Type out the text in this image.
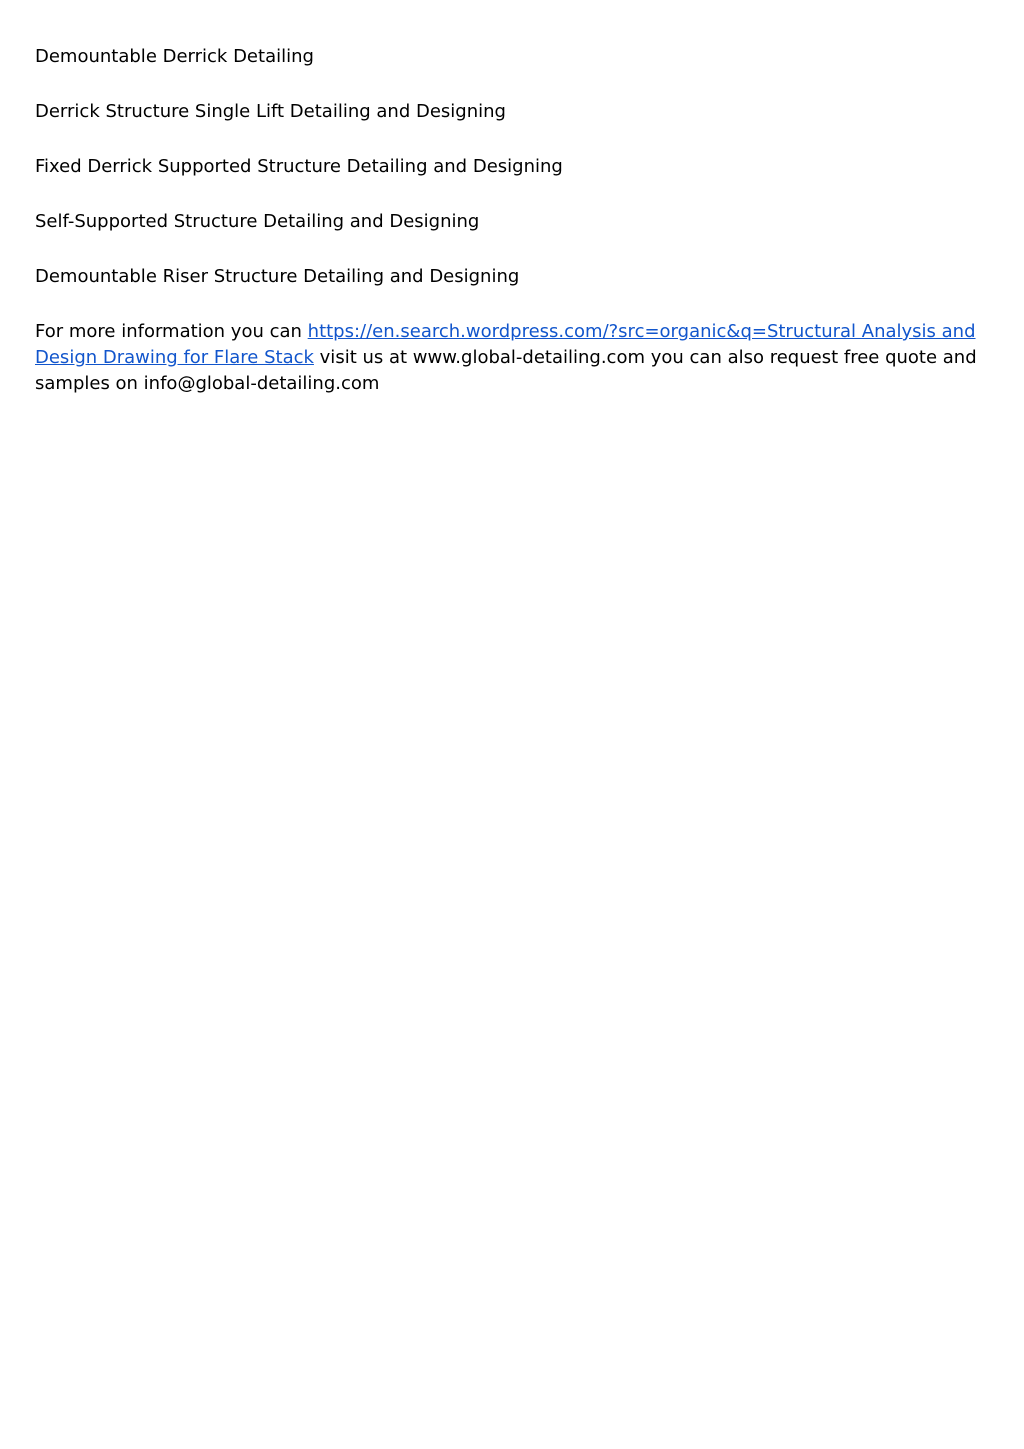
Demountable Derrick Detailing

Derrick Structure Single Lift Detailing and Designing

Fixed Derrick Supported Structure Detailing and Designing

Self-Supported Structure Detailing and Designing

Demountable Riser Structure Detailing and Designing

For more information you can https://en.search.wordpress.com/?src=organic&q=Structural Analysis and Design Drawing for Flare Stack visit us at www.global-detailing.com you can also request free quote and samples on info@global-detailing.com
